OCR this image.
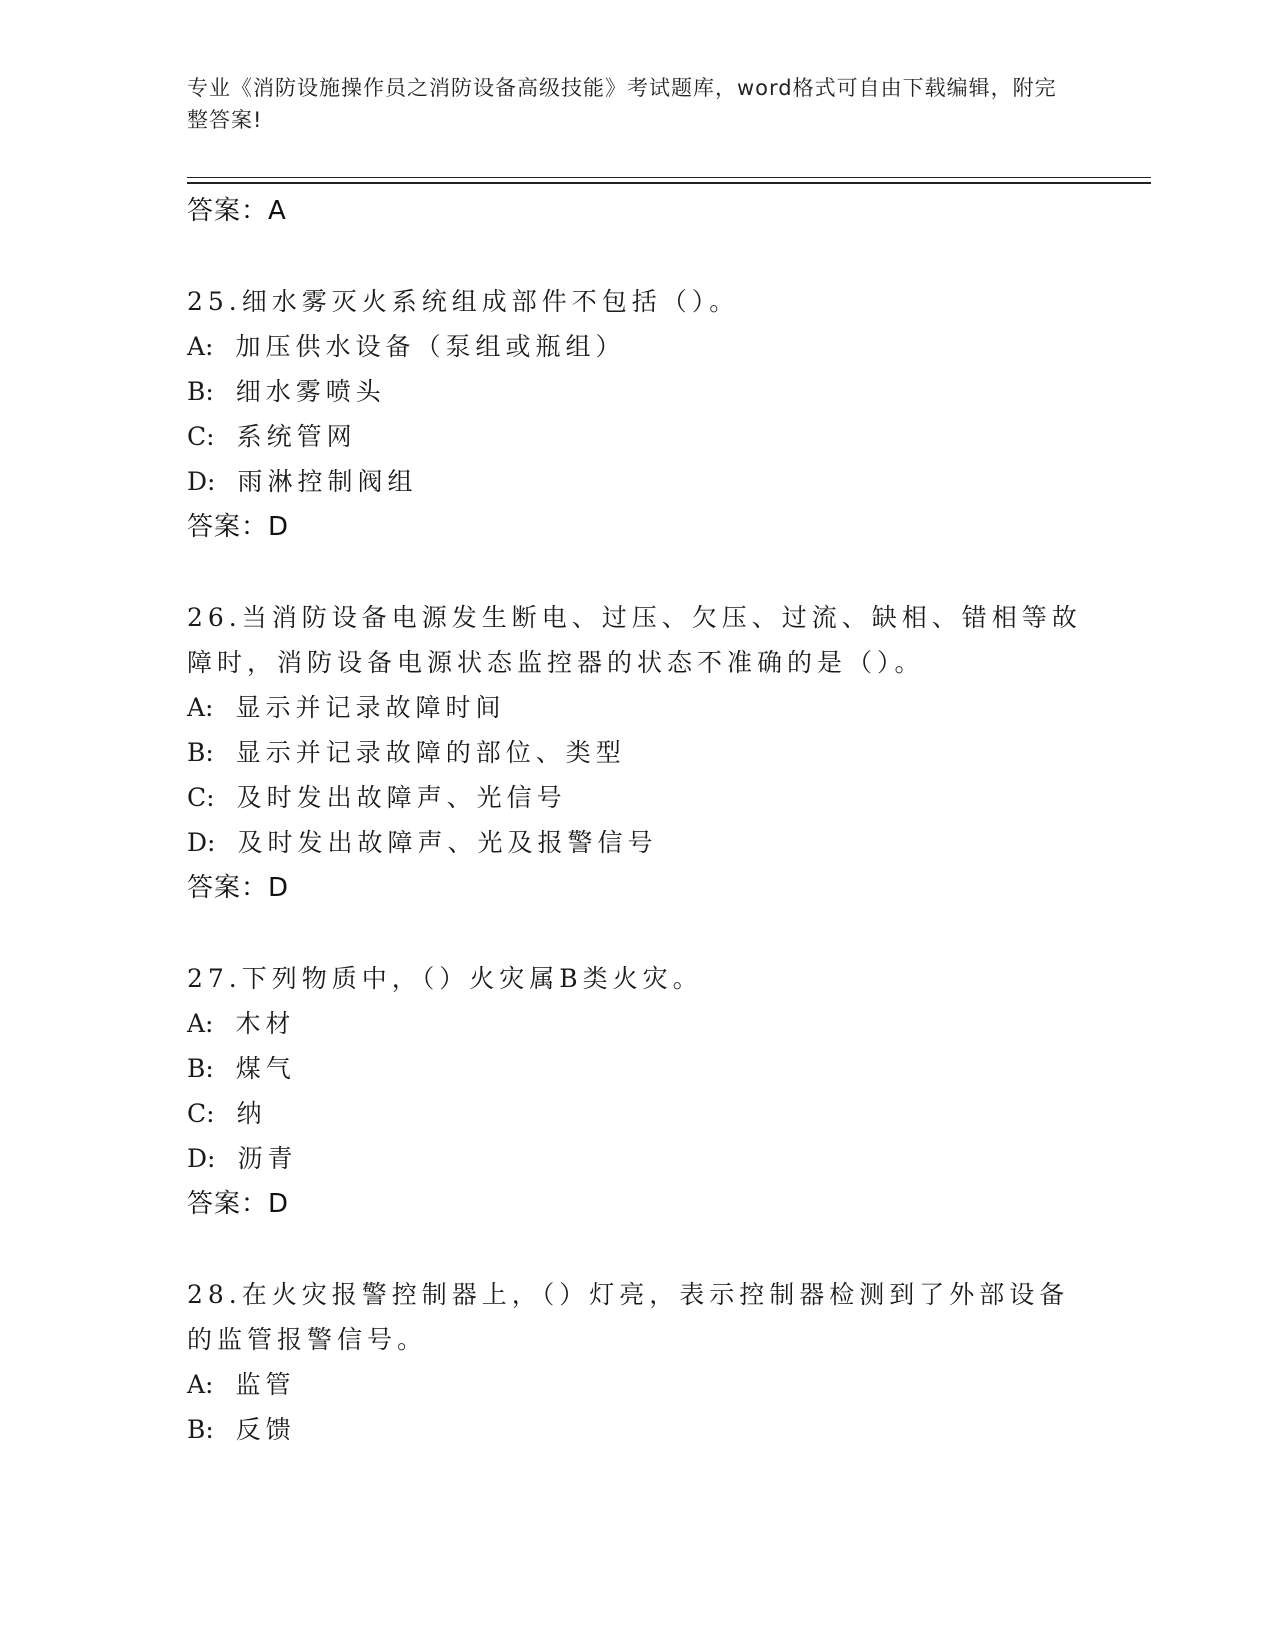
专业《消防设施操作员之消防设备高级技能》考试题库，word格式可自由下载编辑，附完整答案!
答案：A
25.细水雾灭火系统组成部件不包括（）。
A: 加压供水设备（泵组或瓶组）
B: 细水雾喷头
C: 系统管网
D: 雨淋控制阀组
答案：D
26.当消防设备电源发生断电、过压、欠压、过流、缺相、错相等故障时，消防设备电源状态监控器的状态不准确的是（）。
A: 显示并记录故障时间
B: 显示并记录故障的部位、类型
C: 及时发出故障声、光信号
D: 及时发出故障声、光及报警信号
答案：D
27.下列物质中，（）火灾属B类火灾。
A: 木材
B: 煤气
C: 纳
D: 沥青
答案：D
28.在火灾报警控制器上，（）灯亮，表示控制器检测到了外部设备的监管报警信号。
A: 监管
B: 反馈
